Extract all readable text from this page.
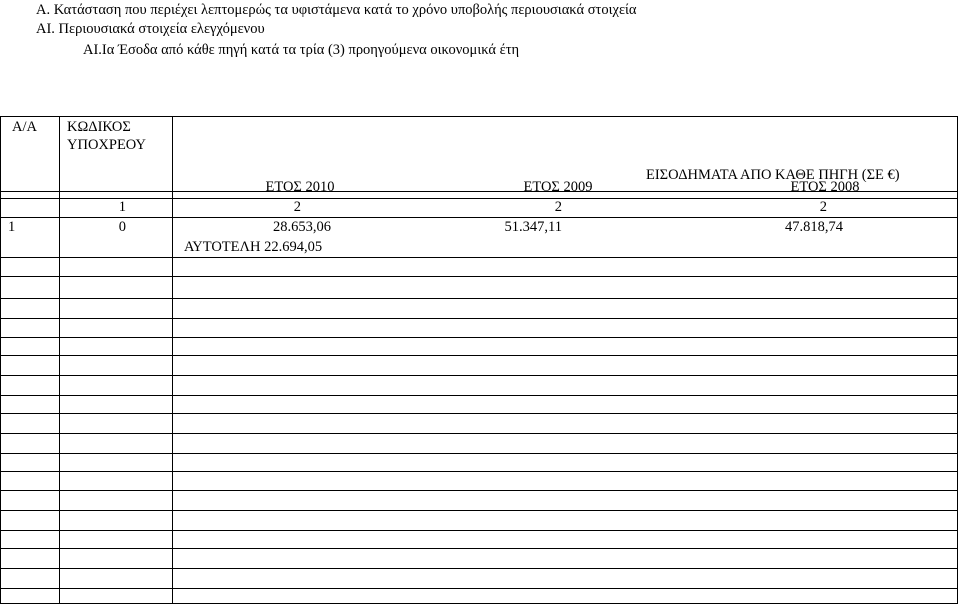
Α. Κατάσταση που περιέχει λεπτομερώς τα υφιστάμενα κατά το χρόνο υποβολής περιουσιακά στοιχεία
ΑΙ. Περιουσιακά στοιχεία ελεγχόμενου
ΑΙ.Ια Έσοδα από κάθε πηγή κατά τα τρία (3) προηγούμενα οικονομικά έτη
Α/Α ΚΩΔΙΚΟΣ
ΥΠΟΧΡΕΟΥ
ΕΙΣΟΔΗΜΑΤΑ ΑΠΟ ΚΑΘΕ ΠΗΓΗ (ΣΕ €)
ΕΤΟΣ 2010	ΕΤΟΣ 2009	ΕΤΟΣ 2008
1	2	2	2
1	0	28.653,06	51.347,11	47.818,74
ΑΥΤΟΤΕΛΗ 22.694,05
